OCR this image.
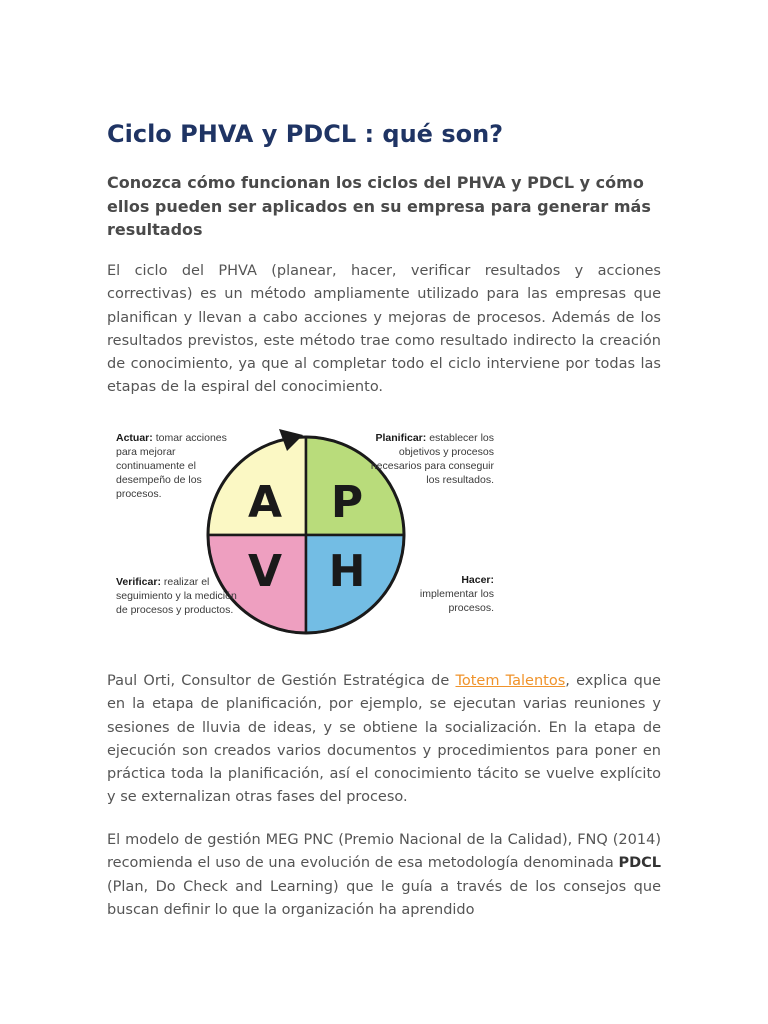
Ciclo PHVA y PDCL : qué son?
Conozca cómo funcionan los ciclos del PHVA y PDCL y cómo ellos pueden ser aplicados en su empresa para generar más resultados

El ciclo del PHVA (planear, hacer, verificar resultados y acciones correctivas) es un método ampliamente utilizado para las empresas que planifican y llevan a cabo acciones y mejoras de procesos. Además de los resultados previstos, este método trae como resultado indirecto la creación de conocimiento, ya que al completar todo el ciclo interviene por todas las etapas de la espiral del conocimiento.

A P
V H

Actuar: tomar acciones para mejorar continuamente el desempeño de los procesos.

Planificar: establecer los objetivos y procesos necesarios para conseguir los resultados.

Verificar: realizar el seguimiento y la medición de procesos y productos.

Hacer:
implementar los procesos.

Paul Orti, Consultor de Gestión Estratégica de Totem Talentos, explica que en la etapa de planificación, por ejemplo, se ejecutan varias reuniones y sesiones de lluvia de ideas, y se obtiene la socialización. En la etapa de ejecución son creados varios documentos y procedimientos para poner en práctica toda la planificación, así el conocimiento tácito se vuelve explícito y se externalizan otras fases del proceso.

El modelo de gestión MEG PNC (Premio Nacional de la Calidad), FNQ (2014) recomienda el uso de una evolución de esa metodología denominada PDCL (Plan, Do Check and Learning) que le guía a través de los consejos que buscan definir lo que la organización ha aprendido
